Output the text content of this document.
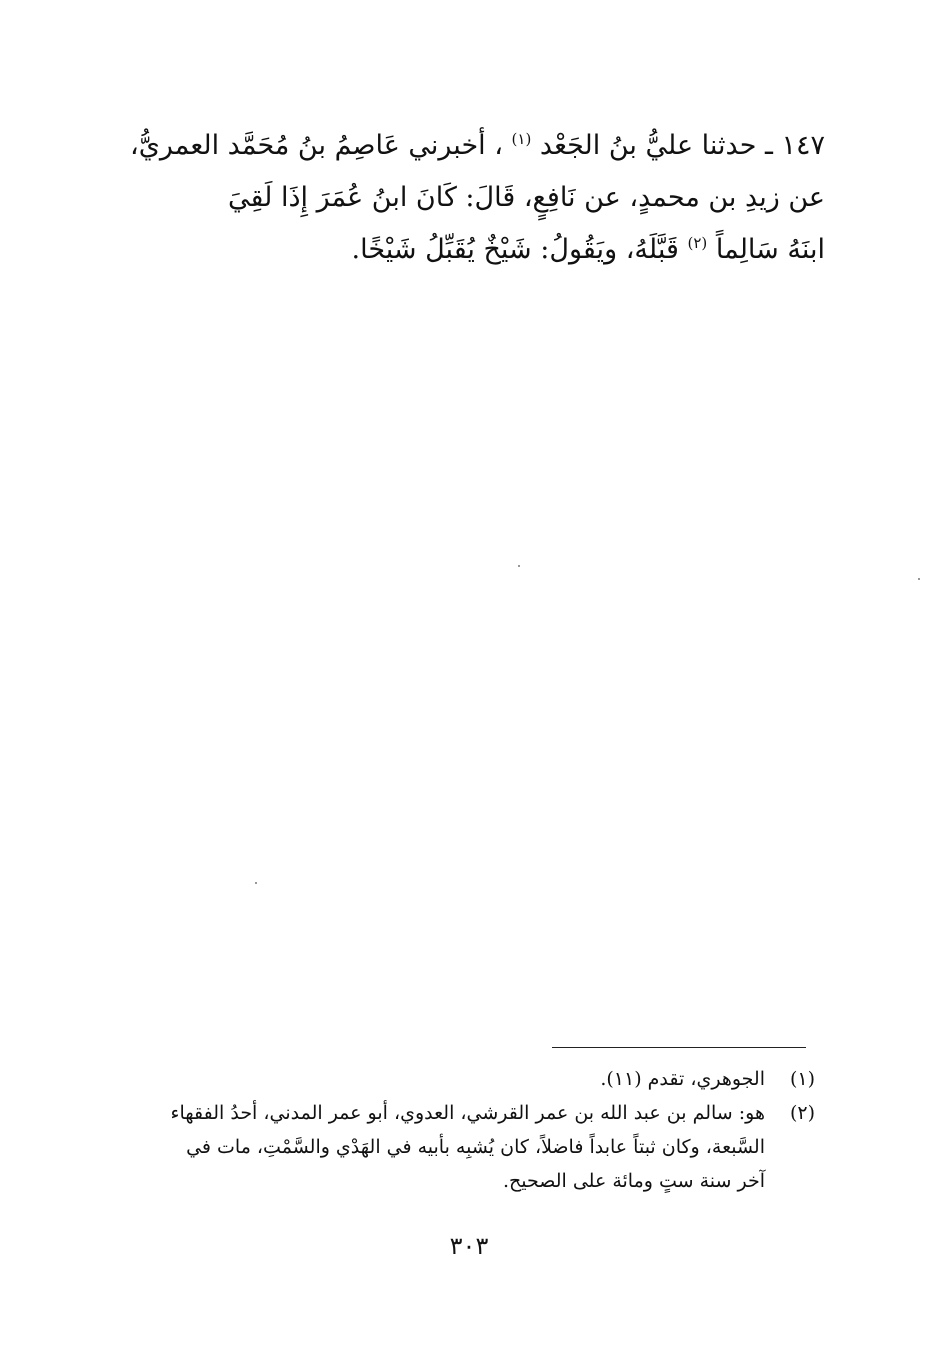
١٤٧ ـ حدثنا عليُّ بنُ الجَعْد $^{(١)}$ ، أخبرني عَاصِمُ بنُ مُحَمَّد العمريُّ،
عن زيدِ بن محمدٍ، عن نَافِعٍ، قَالَ: كَانَ ابنُ عُمَرَ إِذَا لَقِيَ
ابنَهُ سَالِماً $^{(٢)}$ قَبَّلَهُ، ويَقُولُ: شَيْخٌ يُقَبِّلُ شَيْخًا.
(١)
الجوهري، تقدم (١١).
(٢)
هو: سالم بن عبد الله بن عمر القرشي، العدوي، أبو عمر المدني، أحدُ الفقهاء
السَّبعة، وكان ثبتاً عابداً فاضلاً، كان يُشبِه بأبيه في الهَدْي والسَّمْتِ، مات في
آخر سنة ستٍ ومائة على الصحيح.
٣٠٣
